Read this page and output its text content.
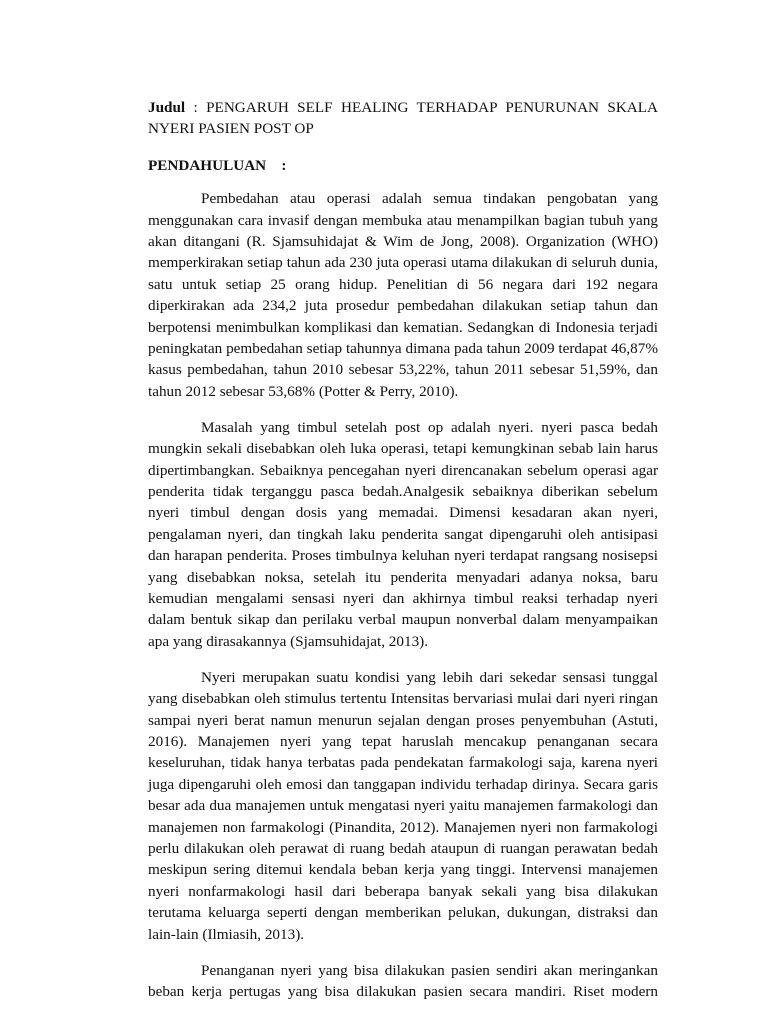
Judul : PENGARUH SELF HEALING TERHADAP PENURUNAN SKALA NYERI PASIEN POST OP

PENDAHULUAN    :

Pembedahan atau operasi adalah semua tindakan pengobatan yang menggunakan cara invasif dengan membuka atau menampilkan bagian tubuh yang akan ditangani (R. Sjamsuhidajat & Wim de Jong, 2008). Organization (WHO) memperkirakan setiap tahun ada 230 juta operasi utama dilakukan di seluruh dunia, satu untuk setiap 25 orang hidup. Penelitian di 56 negara dari 192 negara diperkirakan ada 234,2 juta prosedur pembedahan dilakukan setiap tahun dan berpotensi menimbulkan komplikasi dan kematian. Sedangkan di Indonesia terjadi peningkatan pembedahan setiap tahunnya dimana pada tahun 2009 terdapat 46,87% kasus pembedahan, tahun 2010 sebesar 53,22%, tahun 2011 sebesar 51,59%, dan tahun 2012 sebesar 53,68% (Potter & Perry, 2010).

Masalah yang timbul setelah post op adalah nyeri. nyeri pasca bedah mungkin sekali disebabkan oleh luka operasi, tetapi kemungkinan sebab lain harus dipertimbangkan. Sebaiknya pencegahan nyeri direncanakan sebelum operasi agar penderita tidak terganggu pasca bedah.Analgesik sebaiknya diberikan sebelum nyeri timbul dengan dosis yang memadai. Dimensi kesadaran akan nyeri, pengalaman nyeri, dan tingkah laku penderita sangat dipengaruhi oleh antisipasi dan harapan penderita. Proses timbulnya keluhan nyeri terdapat rangsang nosisepsi yang disebabkan noksa, setelah itu penderita menyadari adanya noksa, baru kemudian mengalami sensasi nyeri dan akhirnya timbul reaksi terhadap nyeri dalam bentuk sikap dan perilaku verbal maupun nonverbal dalam menyampaikan apa yang dirasakannya (Sjamsuhidajat, 2013).

Nyeri merupakan suatu kondisi yang lebih dari sekedar sensasi tunggal yang disebabkan oleh stimulus tertentu Intensitas bervariasi mulai dari nyeri ringan sampai nyeri berat namun menurun sejalan dengan proses penyembuhan (Astuti, 2016). Manajemen nyeri yang tepat haruslah mencakup penanganan secara keseluruhan, tidak hanya terbatas pada pendekatan farmakologi saja, karena nyeri juga dipengaruhi oleh emosi dan tanggapan individu terhadap dirinya. Secara garis besar ada dua manajemen untuk mengatasi nyeri yaitu manajemen farmakologi dan manajemen non farmakologi (Pinandita, 2012). Manajemen nyeri non farmakologi perlu dilakukan oleh perawat di ruang bedah ataupun di ruangan perawatan bedah meskipun sering ditemui kendala beban kerja yang tinggi. Intervensi manajemen nyeri nonfarmakologi hasil dari beberapa banyak sekali yang bisa dilakukan terutama keluarga seperti dengan memberikan pelukan, dukungan, distraksi dan lain-lain (Ilmiasih, 2013).

Penanganan nyeri yang bisa dilakukan pasien sendiri akan meringankan beban kerja pertugas yang bisa dilakukan pasien secara mandiri. Riset modern
